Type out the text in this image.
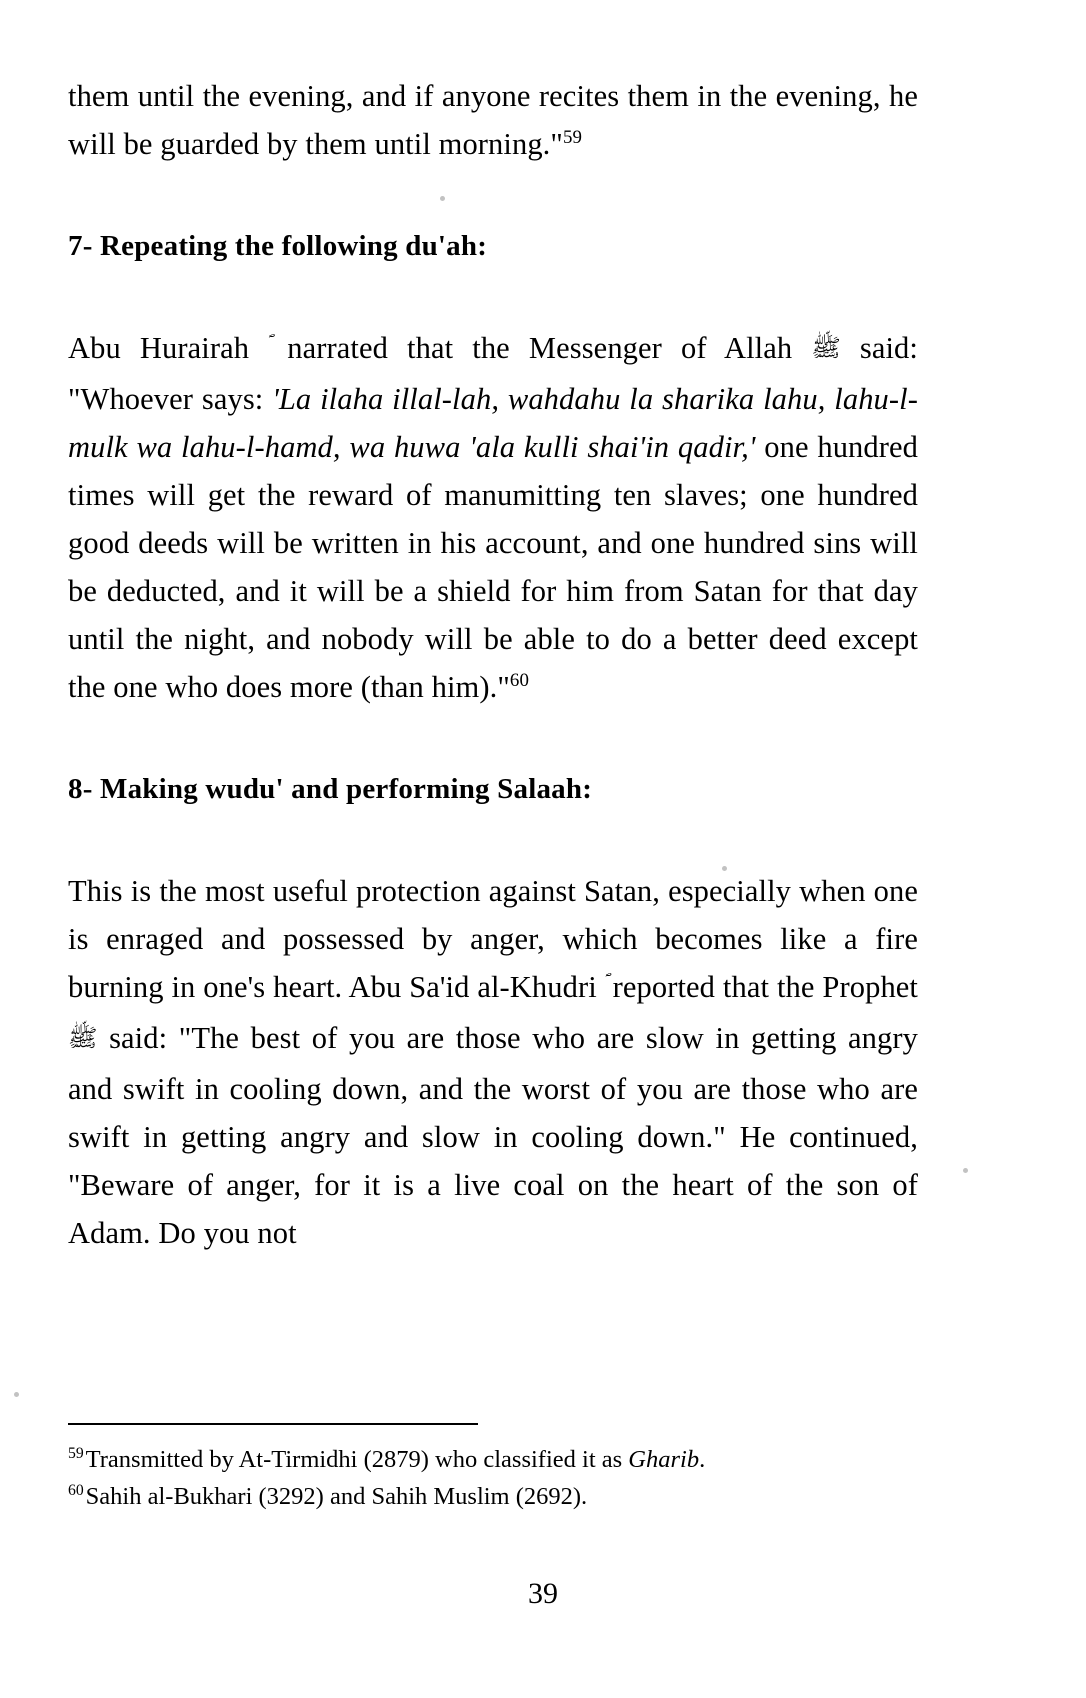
them until the evening, and if anyone recites them in the evening, he will be guarded by them until morning."$^{59}$

7- Repeating the following du'ah:

Abu Hurairah  narrated that the Messenger of Allah ﷺ said: "Whoever says: 'La ilaha illal-lah, wahdahu la sharika lahu, lahu-l-mulk wa lahu-l-hamd, wa huwa 'ala kulli shai'in qadir,' one hundred times will get the reward of manumitting ten slaves; one hundred good deeds will be written in his account, and one hundred sins will be deducted, and it will be a shield for him from Satan for that day until the night, and nobody will be able to do a better deed except the one who does more (than him)."$^{60}$

8- Making wudu' and performing Salaah:

This is the most useful protection against Satan, especially when one is enraged and possessed by anger, which becomes like a fire burning in one's heart. Abu Sa'id al-Khudri  reported that the Prophet ﷺ said: "The best of you are those who are slow in getting angry and swift in cooling down, and the worst of you are those who are swift in getting angry and slow in cooling down." He continued, "Beware of anger, for it is a live coal on the heart of the son of Adam. Do you not

$^{59}$Transmitted by At-Tirmidhi (2879) who classified it as Gharib.

$^{60}$Sahih al-Bukhari (3292) and Sahih Muslim (2692).

39
